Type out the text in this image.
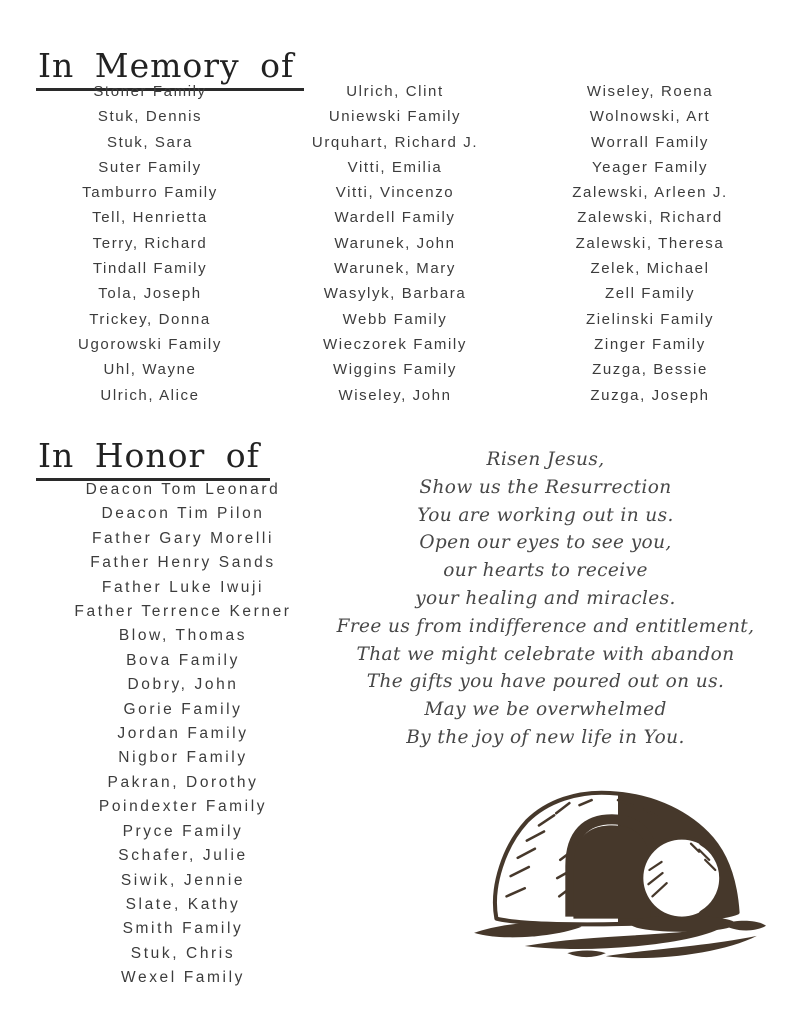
In Memory of
Stoner Family
Stuk, Dennis
Stuk, Sara
Suter Family
Tamburro Family
Tell, Henrietta
Terry, Richard
Tindall Family
Tola, Joseph
Trickey, Donna
Ugorowski Family
Uhl, Wayne
Ulrich, Alice
Ulrich, Clint
Uniewski Family
Urquhart, Richard J.
Vitti, Emilia
Vitti, Vincenzo
Wardell Family
Warunek, John
Warunek, Mary
Wasylyk, Barbara
Webb Family
Wieczorek Family
Wiggins Family
Wiseley, John
Wiseley, Roena
Wolnowski, Art
Worrall Family
Yeager Family
Zalewski, Arleen J.
Zalewski, Richard
Zalewski, Theresa
Zelek, Michael
Zell Family
Zielinski Family
Zinger Family
Zuzga, Bessie
Zuzga, Joseph
In Honor of
Deacon Tom Leonard
Deacon Tim Pilon
Father Gary Morelli
Father Henry Sands
Father Luke Iwuji
Father Terrence Kerner
Blow, Thomas
Bova Family
Dobry, John
Gorie Family
Jordan Family
Nigbor Family
Pakran, Dorothy
Poindexter Family
Pryce Family
Schafer, Julie
Siwik, Jennie
Slate, Kathy
Smith Family
Stuk, Chris
Wexel Family
Risen Jesus,
Show us the Resurrection
You are working out in us.
Open our eyes to see you,
our hearts to receive
your healing and miracles.
Free us from indifference and entitlement,
That we might celebrate with abandon
The gifts you have poured out on us.
May we be overwhelmed
By the joy of new life in You.
